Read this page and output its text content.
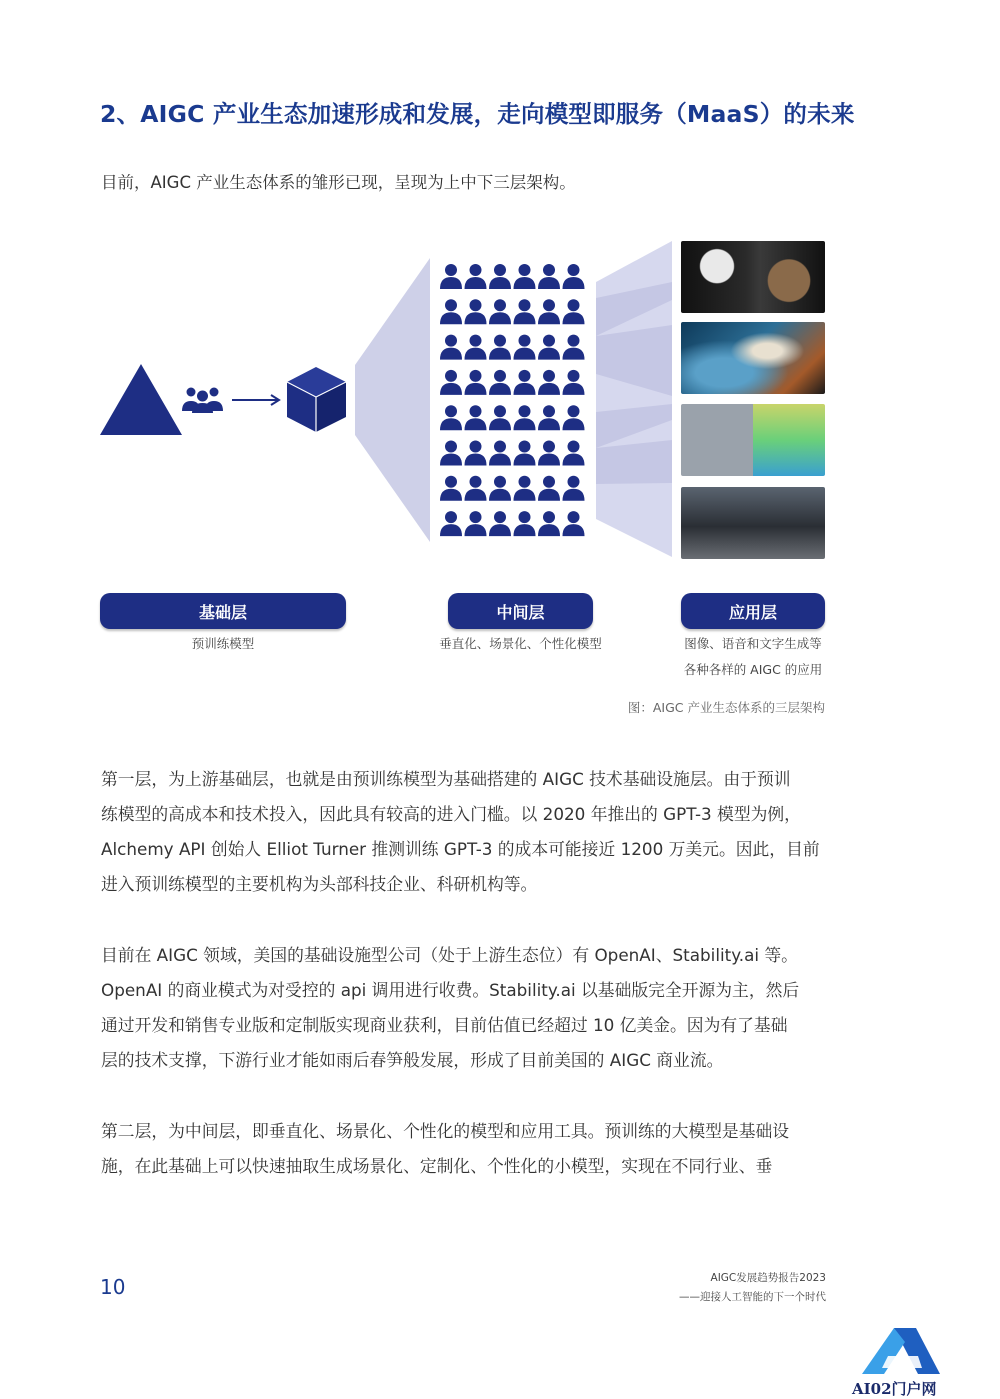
2、AIGC 产业生态加速形成和发展，走向模型即服务（MaaS）的未来
目前，AIGC 产业生态体系的雏形已现，呈现为上中下三层架构。
基础层	中间层	应用层
预训练模型	垂直化、场景化、个性化模型	图像、语音和文字生成等
各种各样的 AIGC 的应用
图：AIGC 产业生态体系的三层架构
第一层，为上游基础层，也就是由预训练模型为基础搭建的 AIGC 技术基础设施层。由于预训
练模型的高成本和技术投入，因此具有较高的进入门槛。以 2020 年推出的 GPT-3 模型为例，
Alchemy API 创始人 Elliot Turner 推测训练 GPT-3 的成本可能接近 1200 万美元。因此，目前
进入预训练模型的主要机构为头部科技企业、科研机构等。
目前在 AIGC 领域，美国的基础设施型公司（处于上游生态位）有 OpenAI、Stability.ai 等。
OpenAI 的商业模式为对受控的 api 调用进行收费。Stability.ai 以基础版完全开源为主，然后
通过开发和销售专业版和定制版实现商业获利，目前估值已经超过 10 亿美金。因为有了基础
层的技术支撑，下游行业才能如雨后春笋般发展，形成了目前美国的 AIGC 商业流。
第二层，为中间层，即垂直化、场景化、个性化的模型和应用工具。预训练的大模型是基础设
施，在此基础上可以快速抽取生成场景化、定制化、个性化的小模型，实现在不同行业、垂
10	AIGC发展趋势报告2023
——迎接人工智能的下一个时代
AI02门户网
